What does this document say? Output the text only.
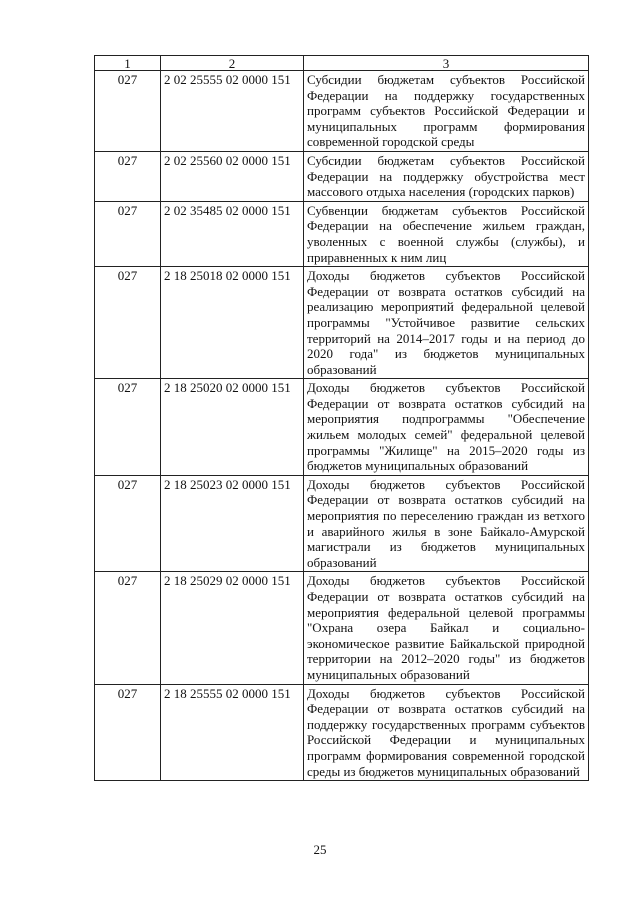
1	2	3
027	2 02 25555 02 0000 151	Субсидии бюджетам субъектов Российской Федерации на поддержку государственных программ субъектов Российской Федерации и муниципальных программ формирования современной городской среды
027	2 02 25560 02 0000 151	Субсидии бюджетам субъектов Российской Федерации на поддержку обустройства мест массового отдыха населения (городских парков)
027	2 02 35485 02 0000 151	Субвенции бюджетам субъектов Российской Федерации на обеспечение жильем граждан, уволенных с военной службы (службы), и приравненных к ним лиц
027	2 18 25018 02 0000 151	Доходы бюджетов субъектов Российской Федерации от возврата остатков субсидий на реализацию мероприятий федеральной целевой программы "Устойчивое развитие сельских территорий на 2014–2017 годы и на период до 2020 года" из бюджетов муниципальных образований
027	2 18 25020 02 0000 151	Доходы бюджетов субъектов Российской Федерации от возврата остатков субсидий на мероприятия подпрограммы "Обеспечение жильем молодых семей" федеральной целевой программы "Жилище" на 2015–2020 годы из бюджетов муниципальных образований
027	2 18 25023 02 0000 151	Доходы бюджетов субъектов Российской Федерации от возврата остатков субсидий на мероприятия по переселению граждан из ветхого и аварийного жилья в зоне Байкало-Амурской магистрали из бюджетов муниципальных образований
027	2 18 25029 02 0000 151	Доходы бюджетов субъектов Российской Федерации от возврата остатков субсидий на мероприятия федеральной целевой программы "Охрана озера Байкал и социально-экономическое развитие Байкальской природной территории на 2012–2020 годы" из бюджетов муниципальных образований
027	2 18 25555 02 0000 151	Доходы бюджетов субъектов Российской Федерации от возврата остатков субсидий на поддержку государственных программ субъектов Российской Федерации и муниципальных программ формирования современной городской среды из бюджетов муниципальных образований
25
